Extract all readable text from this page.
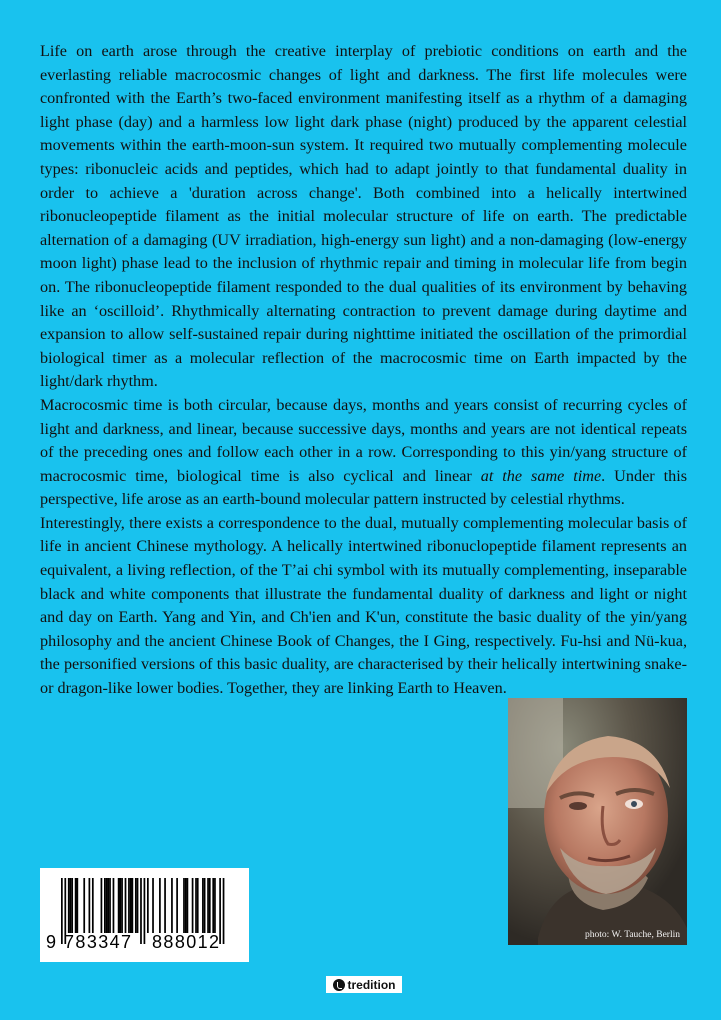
Life on earth arose through the creative interplay of prebiotic conditions on earth and the everlasting reliable macrocosmic changes of light and darkness. The first life molecules were confronted with the Earth’s two-faced environment manifesting itself as a rhythm of a damaging light phase (day) and a harmless low light dark phase (night) produced by the apparent celestial movements within the earth-moon-sun system. It required two mutually complementing molecule types: ribonucleic acids and peptides, which had to adapt jointly to that fundamental duality in order to achieve a 'duration across change'. Both combined into a helically intertwined ribonucleopeptide filament as the initial molecular structure of life on earth. The predictable alternation of a damaging (UV irradiation, high-energy sun light) and a non-damaging (low-energy moon light) phase lead to the inclusion of rhythmic repair and timing in molecular life from begin on. The ribonucleopeptide filament responded to the dual qualities of its environment by behaving like an ‘oscilloid’. Rhythmically alternating contraction to prevent damage during daytime and expansion to allow self-sustained repair during nighttime initiated the oscillation of the primordial biological timer as a molecular reflection of the macrocosmic time on Earth impacted by the light/dark rhythm.

Macrocosmic time is both circular, because days, months and years consist of recurring cycles of light and darkness, and linear, because successive days, months and years are not identical repeats of the preceding ones and follow each other in a row. Corresponding to this yin/yang structure of macrocosmic time, biological time is also cyclical and linear at the same time. Under this perspective, life arose as an earth-bound molecular pattern instructed by celestial rhythms.

Interestingly, there exists a correspondence to the dual, mutually complementing molecular basis of life in ancient Chinese mythology. A helically intertwined ribonuclopeptide filament represents an equivalent, a living reflection, of the T’ai chi symbol with its mutually complementing, inseparable black and white components that illustrate the fundamental duality of darkness and light or night and day on Earth. Yang and Yin, and Ch'ien and K'un, constitute the basic duality of the yin/yang philosophy and the ancient Chinese Book of Changes, the I Ging, respectively. Fu-hsi and Nü-kua, the personified versions of this basic duality, are characterised by their helically intertwining snake- or dragon-like lower bodies. Together, they are linking Earth to Heaven.

photo: W. Tauche, Berlin
9 783347 888012
tredition
